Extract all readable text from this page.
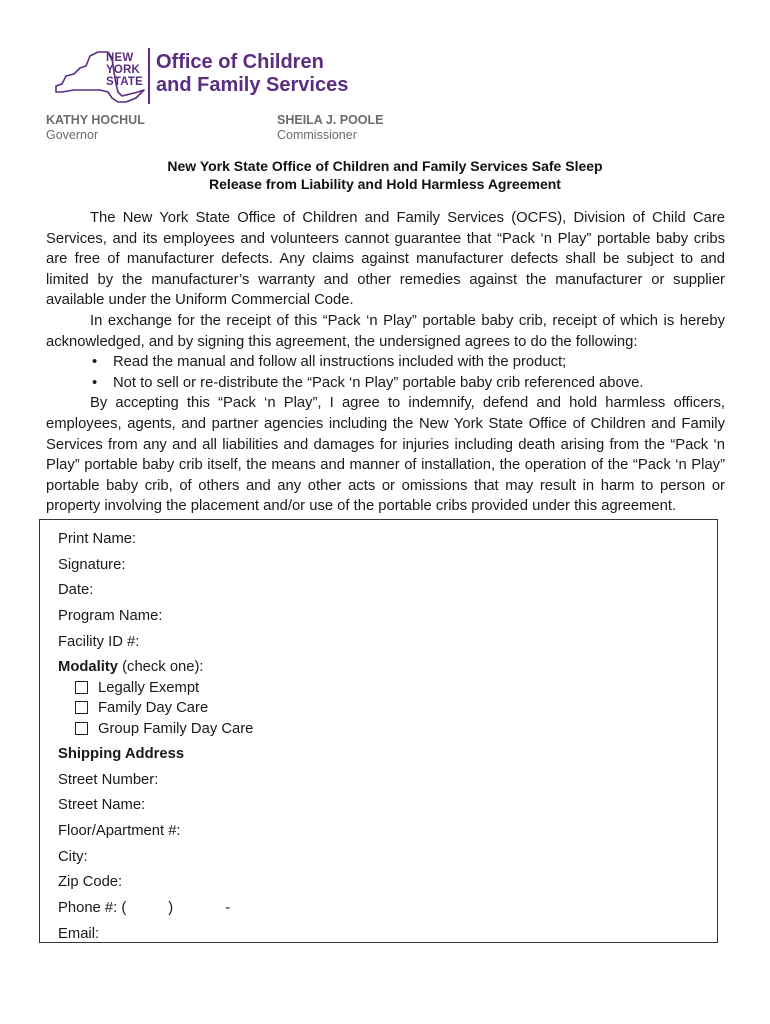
NEW
YORK
STATE
Office of Children
and Family Services
KATHY HOCHUL
Governor
SHEILA J. POOLE
Commissioner
New York State Office of Children and Family Services Safe Sleep
Release from Liability and Hold Harmless Agreement

The New York State Office of Children and Family Services (OCFS), Division of Child Care Services, and its employees and volunteers cannot guarantee that “Pack ‘n Play” portable baby cribs are free of manufacturer defects. Any claims against manufacturer defects shall be subject to and limited by the manufacturer’s warranty and other remedies against the manufacturer or supplier available under the Uniform Commercial Code.

In exchange for the receipt of this “Pack ‘n Play” portable baby crib, receipt of which is hereby acknowledged, and by signing this agreement, the undersigned agrees to do the following:

• Read the manual and follow all instructions included with the product;
• Not to sell or re-distribute the “Pack ‘n Play” portable baby crib referenced above.

By accepting this “Pack ‘n Play”, I agree to indemnify, defend and hold harmless officers, employees, agents, and partner agencies including the New York State Office of Children and Family Services from any and all liabilities and damages for injuries including death arising from the “Pack ‘n Play” portable baby crib itself, the means and manner of installation, the operation of the “Pack ‘n Play” portable baby crib, of others and any other acts or omissions that may result in harm to person or property involving the placement and/or use of the portable cribs provided under this agreement.

Print Name:
Signature:
Date:
Program Name:
Facility ID #:
Modality (check one):
Legally Exempt
Family Day Care
Group Family Day Care
Shipping Address
Street Number:
Street Name:
Floor/Apartment #:
City:
Zip Code:
Phone #: (	)	-
Email:
